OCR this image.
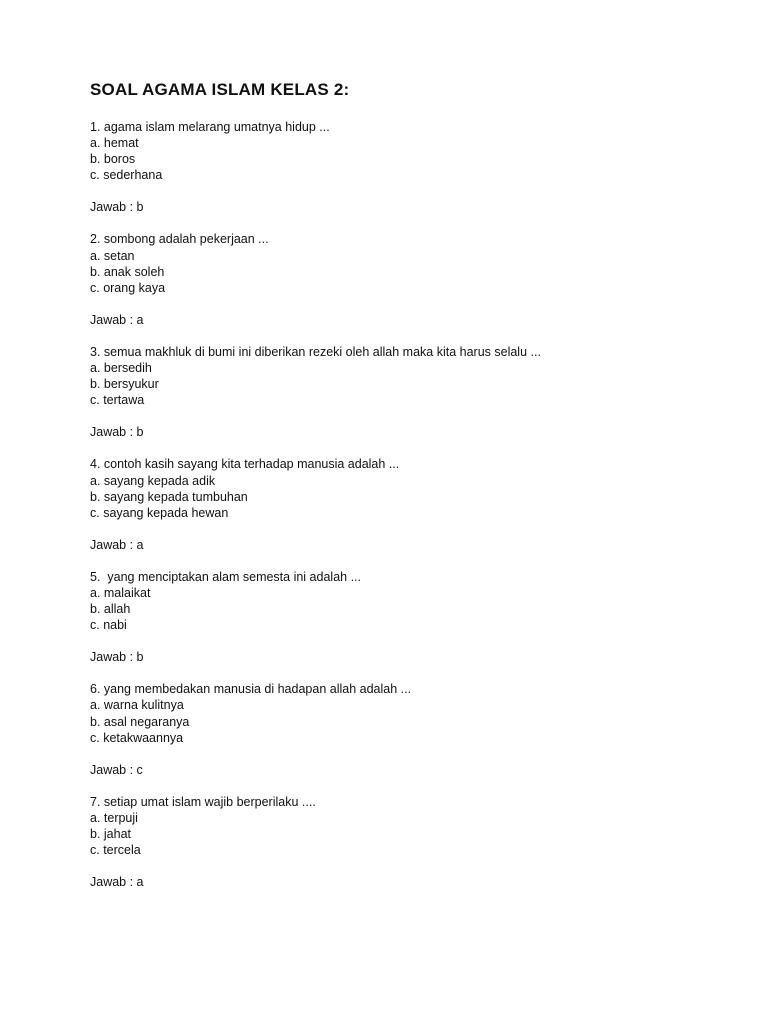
SOAL AGAMA ISLAM KELAS 2:
1. agama islam melarang umatnya hidup ...
a. hemat
b. boros
c. sederhana
Jawab : b
2. sombong adalah pekerjaan ...
a. setan
b. anak soleh
c. orang kaya
Jawab : a
3. semua makhluk di bumi ini diberikan rezeki oleh allah maka kita harus selalu ...
a. bersedih
b. bersyukur
c. tertawa
Jawab : b
4. contoh kasih sayang kita terhadap manusia adalah ...
a. sayang kepada adik
b. sayang kepada tumbuhan
c. sayang kepada hewan
Jawab : a
5.  yang menciptakan alam semesta ini adalah ...
a. malaikat
b. allah
c. nabi
Jawab : b
6. yang membedakan manusia di hadapan allah adalah ...
a. warna kulitnya
b. asal negaranya
c. ketakwaannya
Jawab : c
7. setiap umat islam wajib berperilaku ....
a. terpuji
b. jahat
c. tercela
Jawab : a
